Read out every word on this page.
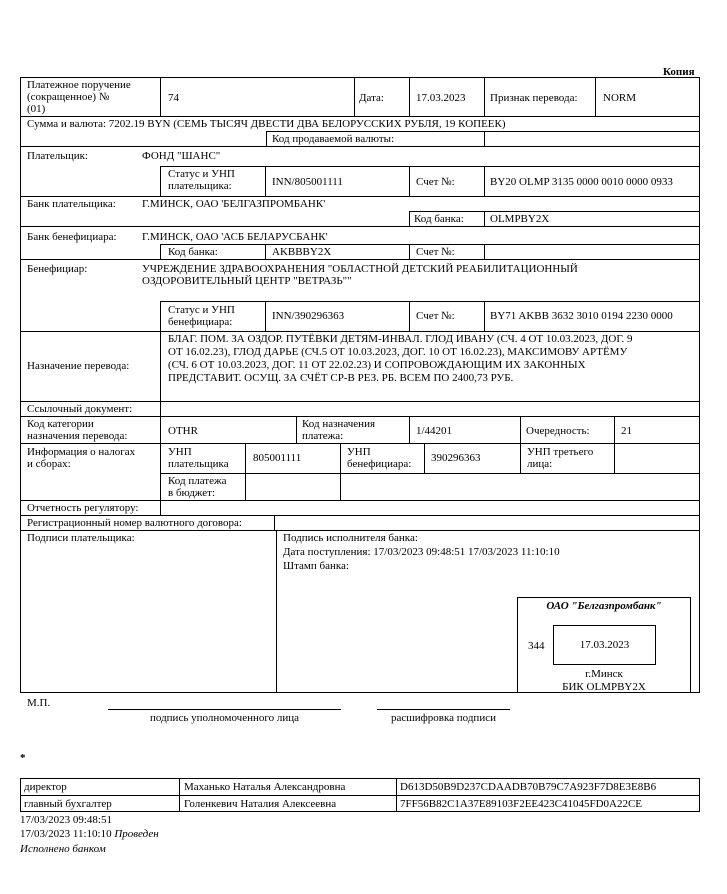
Копия
Платежное поручение
(сокращенное) №
(01)
74	Дата:	17.03.2023 Признак перевода: NORM
Сумма и валюта: 7202.19 BYN (СЕМЬ ТЫСЯЧ ДВЕСТИ ДВА БЕЛОРУССКИХ РУБЛЯ, 19 КОПЕЕК)
Код продаваемой валюты:
Плательщик:	ФОНД "ШАНС"
Статус и УНП
плательщика:	INN/805001111	Счет №:	BY20 OLMP 3135 0000 0010 0000 0933
Банк плательщика: Г.МИНСК, ОАО 'БЕЛГАЗПРОМБАНК'
Код банка: OLMPBY2X
Банк бенефициара: Г.МИНСК, ОАО 'АСБ БЕЛАРУСБАНК'
Код банка:	AKBBBY2X	Счет №:
Бенефициар:	УЧРЕЖДЕНИЕ ЗДРАВООХРАНЕНИЯ "ОБЛАСТНОЙ ДЕТСКИЙ РЕАБИЛИТАЦИОННЫЙ
ОЗДОРОВИТЕЛЬНЫЙ ЦЕНТР "ВЕТРАЗЬ""
Статус и УНП
бенефициара:	INN/390296363	Счет №:	BY71 AKBB 3632 3010 0194 2230 0000
Назначение перевода:
БЛАГ. ПОМ. ЗА ОЗДОР. ПУТЁВКИ ДЕТЯМ-ИНВАЛ. ГЛОД ИВАНУ (СЧ. 4 ОТ 10.03.2023, ДОГ. 9
ОТ 16.02.23), ГЛОД ДАРЬЕ (СЧ.5 ОТ 10.03.2023, ДОГ. 10 ОТ 16.02.23), МАКСИМОВУ АРТЁМУ
(СЧ. 6 ОТ 10.03.2023, ДОГ. 11 ОТ 22.02.23) И СОПРОВОЖДАЮЩИМ ИХ ЗАКОННЫХ
ПРЕДСТАВИТ. ОСУЩ. ЗА СЧЁТ СР-В РЕЗ. РБ. ВСЕМ ПО 2400,73 РУБ.
Ссылочный документ:
Код категории
назначения перевода:	OTHR
Код назначения
платежа:	1/44201	Очередность:	21
Информация о налогах
и сборах:
УНП
плательщика 805001111	УНП
бенефициара: 390296363	УНП третьего
лица:
Код платежа
в бюджет:
Отчетность регулятору:
Регистрационный номер валютного договора:
Подписи плательщика:	Подпись исполнителя банка:
Дата поступления: 17/03/2023 09:48:51 17/03/2023 11:10:10
Штамп банка:
ОАО "Белгазпромбанк"
344	17.03.2023
г.Минск
БИК OLMPBY2X
М.П.
подпись уполномоченного лица	расшифровка подписи
*
директор	Маханько Наталья Александровна	D613D50B9D237CDAADB70B79C7A923F7D8E3E8B6
главный бухгалтер	Голенкевич Наталия Алексеевна	7FF56B82C1A37E89103F2EE423C41045FD0A22CE
17/03/2023 09:48:51
17/03/2023 11:10:10 Проведен
Исполнено банком
